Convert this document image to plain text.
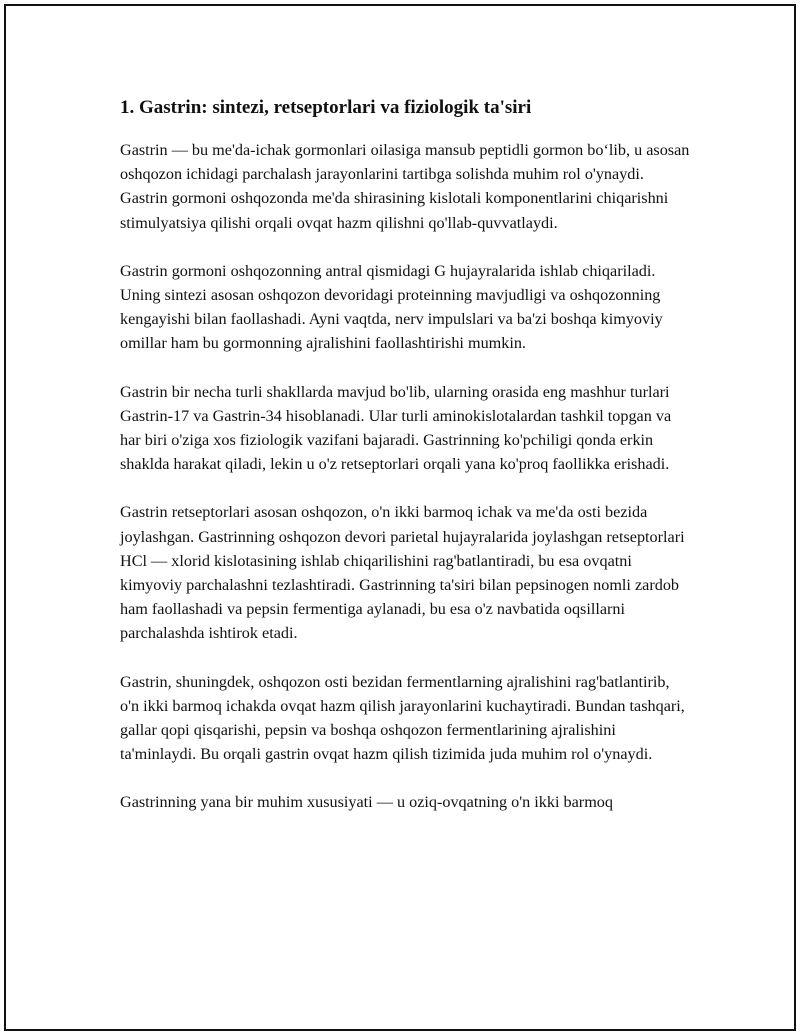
1. Gastrin: sintezi, retseptorlari va fiziologik ta'siri

Gastrin — bu me'da-ichak gormonlari oilasiga mansub peptidli gormon bo‘lib, u asosan oshqozon ichidagi parchalash jarayonlarini tartibga solishda muhim rol o'ynaydi. Gastrin gormoni oshqozonda me'da shirasining kislotali komponentlarini chiqarishni stimulyatsiya qilishi orqali ovqat hazm qilishni qo'llab-quvvatlaydi.

Gastrin gormoni oshqozonning antral qismidagi G hujayralarida ishlab chiqariladi. Uning sintezi asosan oshqozon devoridagi proteinning mavjudligi va oshqozonning kengayishi bilan faollashadi. Ayni vaqtda, nerv impulslari va ba'zi boshqa kimyoviy omillar ham bu gormonning ajralishini faollashtirishi mumkin.

Gastrin bir necha turli shakllarda mavjud bo'lib, ularning orasida eng mashhur turlari Gastrin-17 va Gastrin-34 hisoblanadi. Ular turli aminokislotalardan tashkil topgan va har biri o'ziga xos fiziologik vazifani bajaradi. Gastrinning ko'pchiligi qonda erkin shaklda harakat qiladi, lekin u o'z retseptorlari orqali yana ko'proq faollikka erishadi.

Gastrin retseptorlari asosan oshqozon, o'n ikki barmoq ichak va me'da osti bezida joylashgan. Gastrinning oshqozon devori parietal hujayralarida joylashgan retseptorlari HCl — xlorid kislotasining ishlab chiqarilishini rag'batlantiradi, bu esa ovqatni kimyoviy parchalashni tezlashtiradi. Gastrinning ta'siri bilan pepsinogen nomli zardob ham faollashadi va pepsin fermentiga aylanadi, bu esa o'z navbatida oqsillarni parchalashda ishtirok etadi.

Gastrin, shuningdek, oshqozon osti bezidan fermentlarning ajralishini rag'batlantirib, o'n ikki barmoq ichakda ovqat hazm qilish jarayonlarini kuchaytiradi. Bundan tashqari, gallar qopi qisqarishi, pepsin va boshqa oshqozon fermentlarining ajralishini ta'minlaydi. Bu orqali gastrin ovqat hazm qilish tizimida juda muhim rol o'ynaydi.

Gastrinning yana bir muhim xususiyati — u oziq-ovqatning o'n ikki barmoq
